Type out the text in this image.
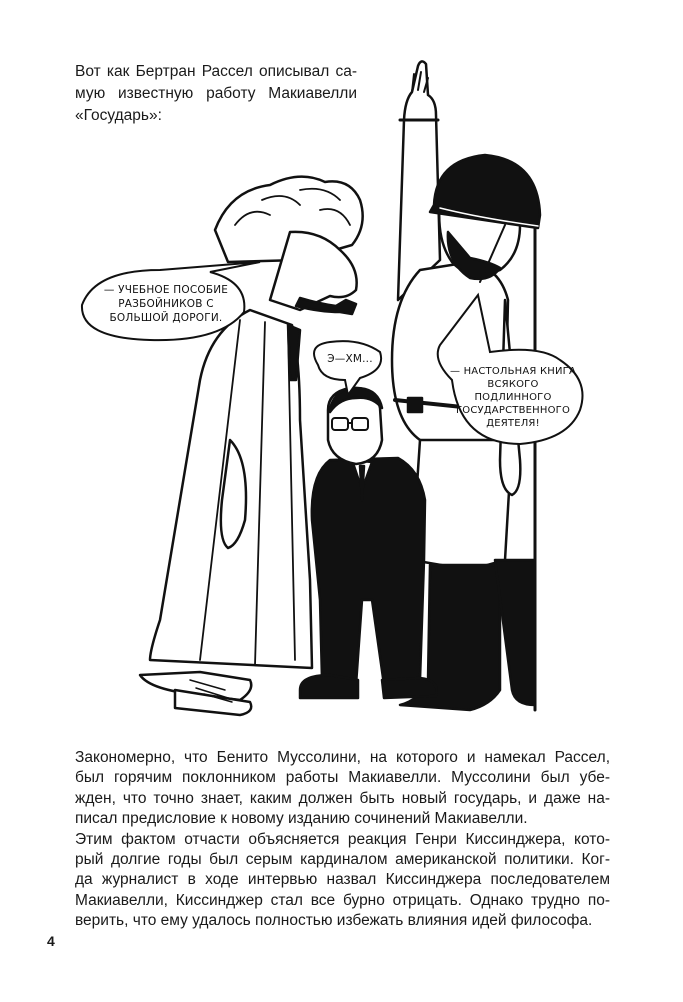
Вот как Бертран Рассел описывал са-
мую известную работу Макиавелли
«Государь»:

— УЧЕБНОЕ ПОСОБИЕ
РАЗБОЙНИКОВ С
БОЛЬШОЙ ДОРОГИ.

Э—ХМ...

— НАСТОЛЬНАЯ КНИГА
ВСЯКОГО ПОДЛИННОГО
ГОСУДАРСТВЕННОГО
ДЕЯТЕЛЯ!

Закономерно, что Бенито Муссолини, на которого и намекал Рассел,
был горячим поклонником работы Макиавелли. Муссолини был убе-
жден, что точно знает, каким должен быть новый государь, и даже на-
писал предисловие к новому изданию сочинений Макиавелли.
Этим фактом отчасти объясняется реакция Генри Киссинджера, кото-
рый долгие годы был серым кардиналом американской политики. Ког-
да журналист в ходе интервью назвал Киссинджера последователем
Макиавелли, Киссинджер стал все бурно отрицать. Однако трудно по-
верить, что ему удалось полностью избежать влияния идей философа.

4
